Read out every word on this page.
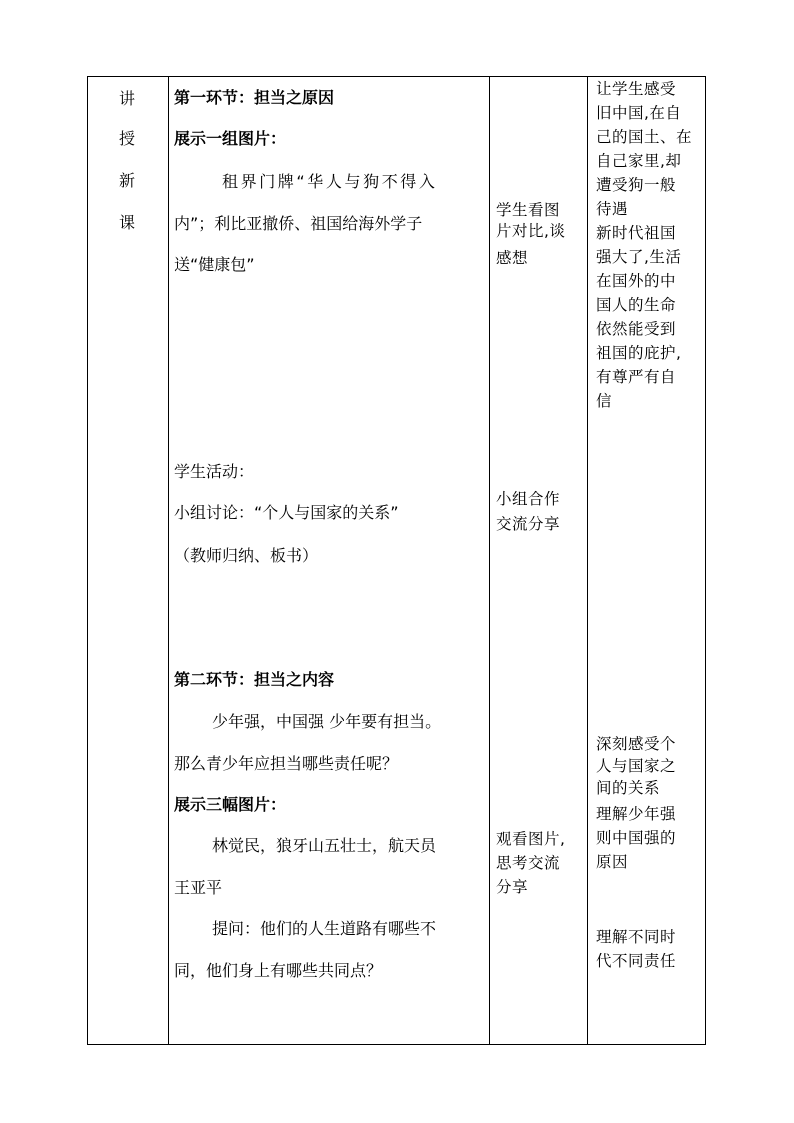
讲
授
新
课
第一环节：担当之原因
展示一组图片：
租界门牌“华人与狗不得入
内”；利比亚撤侨、祖国给海外学子
送“健康包”
学生活动：
小组讨论：“个人与国家的关系”
（教师归纳、板书）
第二环节：担当之内容
少年强，中国强 少年要有担当。
那么青少年应担当哪些责任呢？
展示三幅图片：
林觉民，狼牙山五壮士，航天员
王亚平
提问：他们的人生道路有哪些不
同，他们身上有哪些共同点？
学生看图
片对比,谈
感想
小组合作
交流分享
观看图片,
思考交流
分享
让学生感受
旧中国,在自
己的国土、在
自己家里,却
遭受狗一般
待遇
新时代祖国
强大了,生活
在国外的中
国人的生命
依然能受到
祖国的庇护,
有尊严有自
信
深刻感受个
人与国家之
间的关系
理解少年强
则中国强的
原因
理解不同时
代不同责任
